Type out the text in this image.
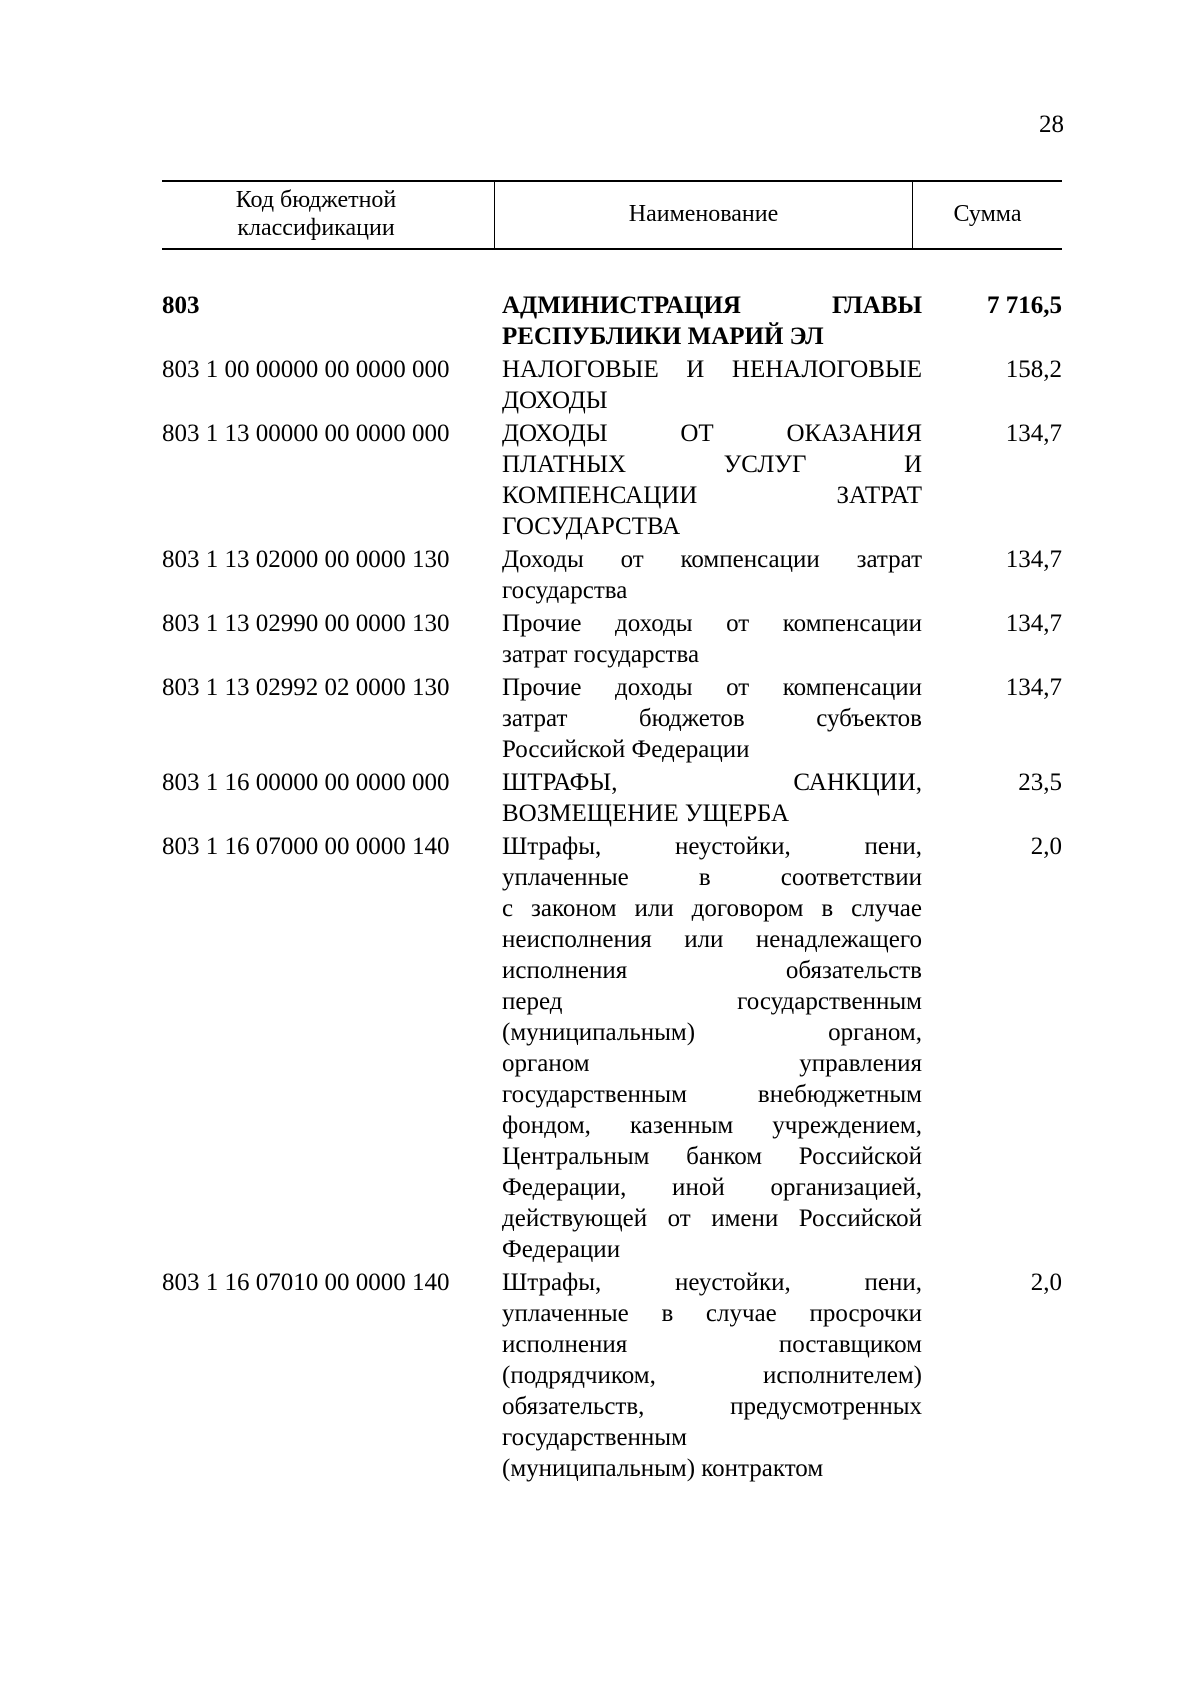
28
Код бюджетной классификации
Наименование	Сумма
803	АДМИНИСТРАЦИЯ ГЛАВЫ
РЕСПУБЛИКИ МАРИЙ ЭЛ
7 716,5
803 1 00 00000 00 0000 000	НАЛОГОВЫЕ И НЕНАЛОГОВЫЕ
ДОХОДЫ
158,2
803 1 13 00000 00 0000 000	ДОХОДЫ ОТ ОКАЗАНИЯ
ПЛАТНЫХ УСЛУГ И
КОМПЕНСАЦИИ ЗАТРАТ
ГОСУДАРСТВА
134,7
803 1 13 02000 00 0000 130	Доходы от компенсации затрат
государства
134,7
803 1 13 02990 00 0000 130	Прочие доходы от компенсации
затрат государства
134,7
803 1 13 02992 02 0000 130	Прочие доходы от компенсации
затрат бюджетов субъектов
Российской Федерации
134,7
803 1 16 00000 00 0000 000	ШТРАФЫ, САНКЦИИ,
ВОЗМЕЩЕНИЕ УЩЕРБА
23,5
803 1 16 07000 00 0000 140	Штрафы, неустойки, пени,
уплаченные в соответствии
с законом или договором в случае
неисполнения или ненадлежащего
исполнения обязательств
перед государственным
(муниципальным) органом,
органом управления
государственным внебюджетным
фондом, казенным учреждением,
Центральным банком Российской
Федерации, иной организацией,
действующей от имени Российской
Федерации
2,0
803 1 16 07010 00 0000 140	Штрафы, неустойки, пени,
уплаченные в случае просрочки
исполнения поставщиком
(подрядчиком, исполнителем)
обязательств, предусмотренных
государственным
(муниципальным) контрактом
2,0
